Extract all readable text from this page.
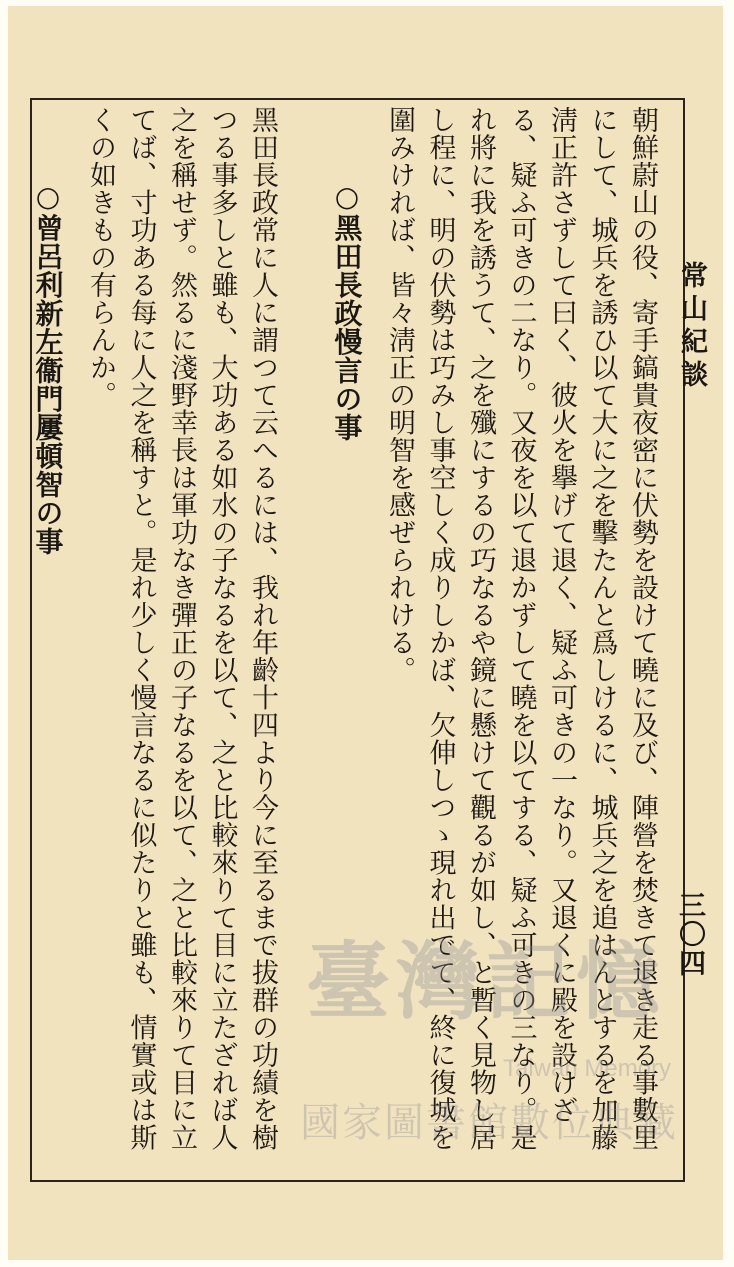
常山紀談
三〇四

朝鮮蔚山の役、寄手鎬貴夜密に伏勢を設けて曉に及び、陣營を焚きて退き走る事數里にして、城兵を誘ひ以て大に之を擊たんと爲しけるに、城兵之を追はんとするを加藤淸正許さずして曰く、彼火を擧げて退く、疑ふ可きの一なり。又退くに殿を設けざる、疑ふ可きの二なり。又夜を以て退かずして曉を以てする、疑ふ可きの三なり。是れ將に我を誘うて、之を殲にするの巧なるや鏡に懸けて觀るが如し、と暫く見物し居し程に、明の伏勢は巧みし事空しく成りしかば、欠伸しつゝ現れ出でて、終に復城を圍みければ、皆々淸正の明智を感ぜられける。

○黑田長政慢言の事

黑田長政常に人に謂つて云へるには、我れ年齡十四より今に至るまで拔群の功績を樹つる事多しと雖も、大功ある如水の子なるを以て、之と比較來りて目に立たざれば人之を稱せず。然るに淺野幸長は軍功なき彈正の子なるを以て、之と比較來りて目に立てば、寸功ある每に人之を稱すと。是れ少しく慢言なるに似たりと雖も、情實或は斯くの如きもの有らんか。

○曾呂利新左衞門屢頓智の事
臺灣記憶
Taiwan Memory
國家圖書館數位典藏
